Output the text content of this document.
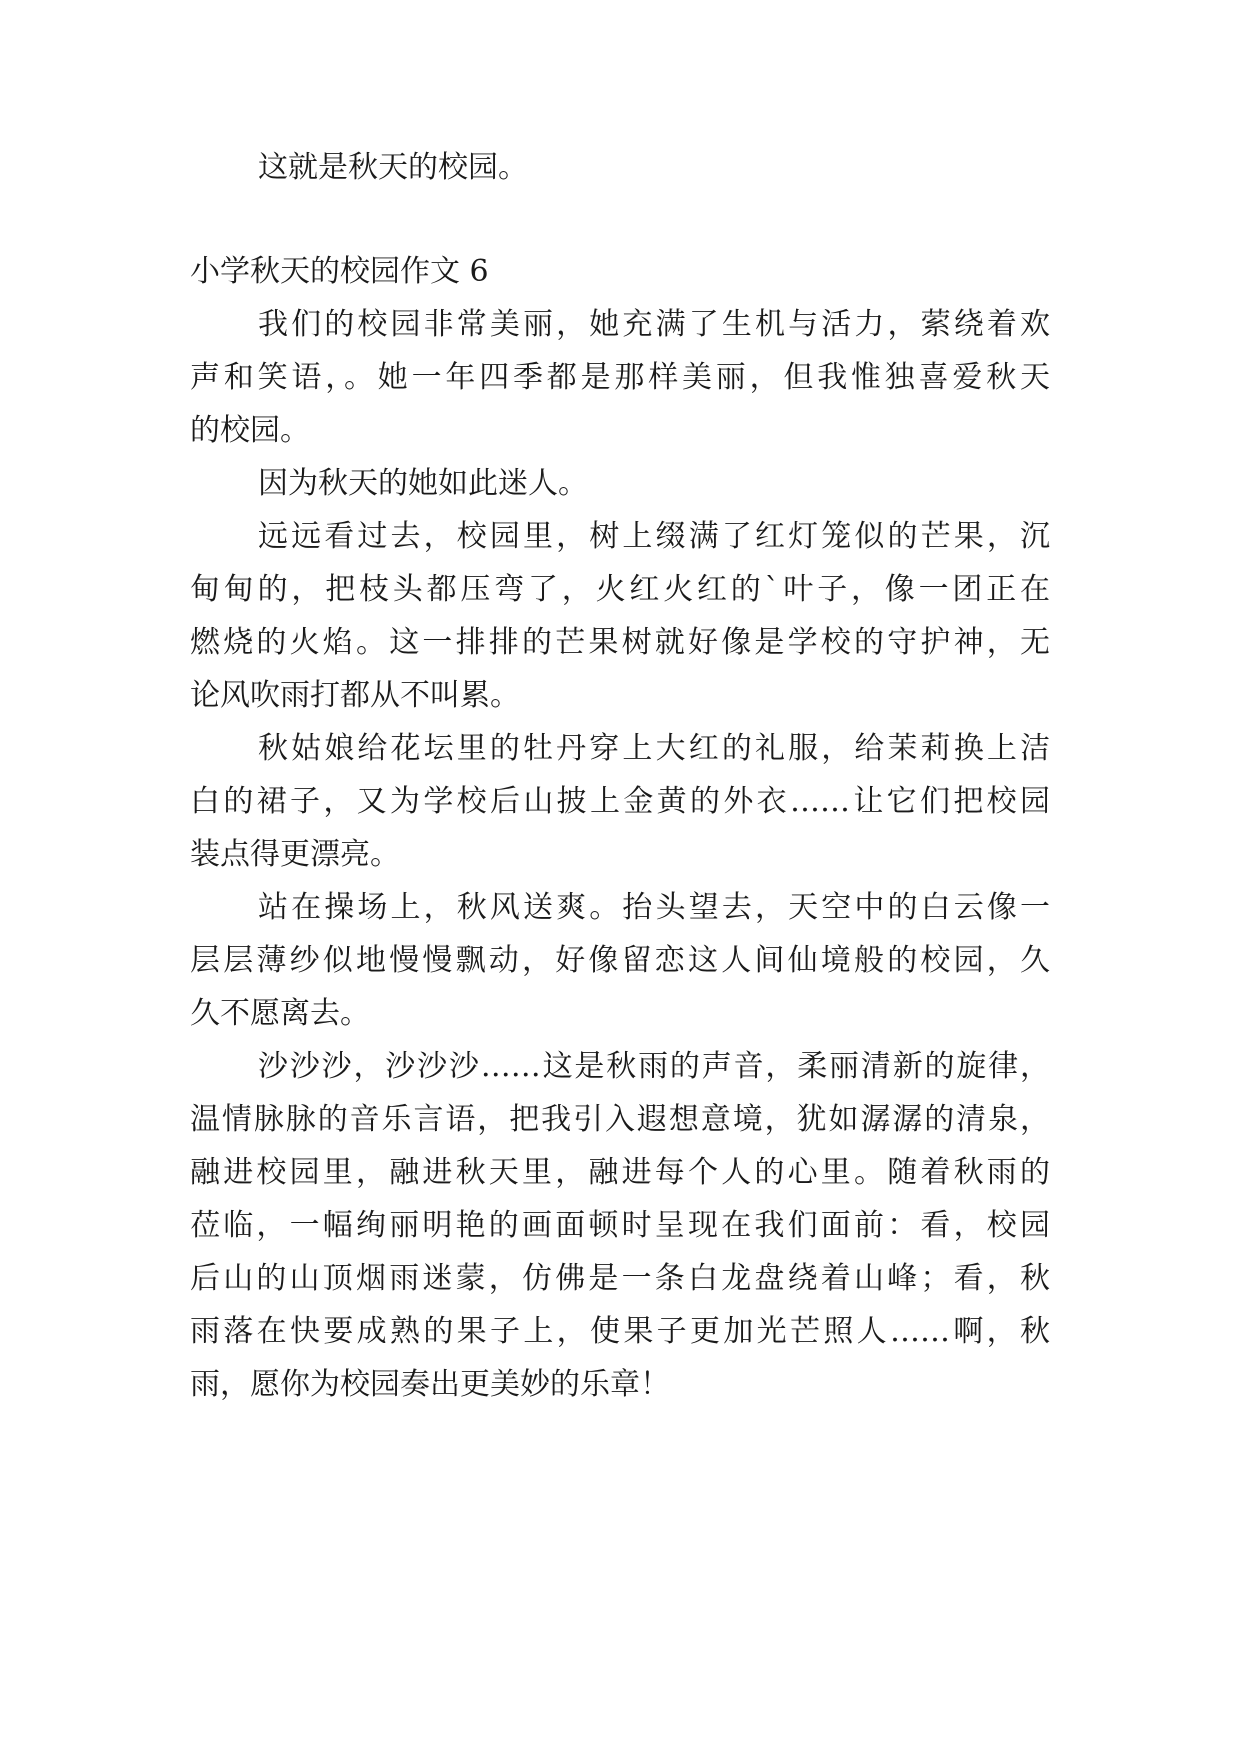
这就是秋天的校园。
小学秋天的校园作文 6
我们的校园非常美丽，她充满了生机与活力，萦绕着欢
声和笑语，。她一年四季都是那样美丽，但我惟独喜爱秋天
的校园。
因为秋天的她如此迷人。
远远看过去，校园里，树上缀满了红灯笼似的芒果，沉
甸甸的，把枝头都压弯了，火红火红的`叶子，像一团正在
燃烧的火焰。这一排排的芒果树就好像是学校的守护神，无
论风吹雨打都从不叫累。
秋姑娘给花坛里的牡丹穿上大红的礼服，给茉莉换上洁
白的裙子，又为学校后山披上金黄的外衣……让它们把校园
装点得更漂亮。
站在操场上，秋风送爽。抬头望去，天空中的白云像一
层层薄纱似地慢慢飘动，好像留恋这人间仙境般的校园，久
久不愿离去。
沙沙沙，沙沙沙……这是秋雨的声音，柔丽清新的旋律，
温情脉脉的音乐言语，把我引入遐想意境，犹如潺潺的清泉，
融进校园里，融进秋天里，融进每个人的心里。随着秋雨的
莅临，一幅绚丽明艳的画面顿时呈现在我们面前：看，校园
后山的山顶烟雨迷蒙，仿佛是一条白龙盘绕着山峰；看，秋
雨落在快要成熟的果子上，使果子更加光芒照人……啊，秋
雨，愿你为校园奏出更美妙的乐章！
